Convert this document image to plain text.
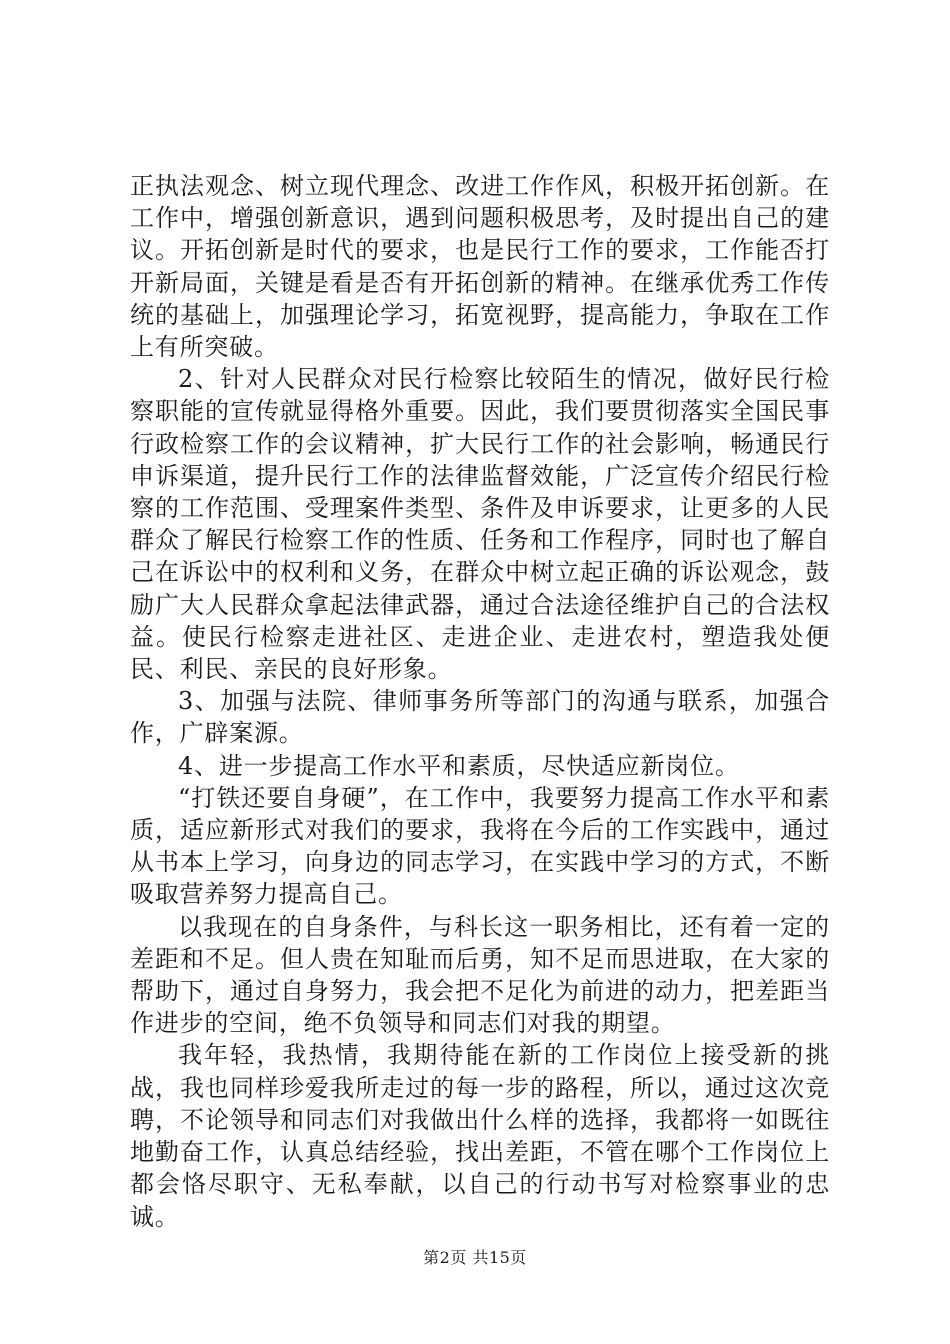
正执法观念、树立现代理念、改进工作作风，积极开拓创新。在工作中，增强创新意识，遇到问题积极思考，及时提出自己的建议。开拓创新是时代的要求，也是民行工作的要求，工作能否打开新局面，关键是看是否有开拓创新的精神。在继承优秀工作传统的基础上，加强理论学习，拓宽视野，提高能力，争取在工作上有所突破。

2、针对人民群众对民行检察比较陌生的情况，做好民行检察职能的宣传就显得格外重要。因此，我们要贯彻落实全国民事行政检察工作的会议精神，扩大民行工作的社会影响，畅通民行申诉渠道，提升民行工作的法律监督效能，广泛宣传介绍民行检察的工作范围、受理案件类型、条件及申诉要求，让更多的人民群众了解民行检察工作的性质、任务和工作程序，同时也了解自己在诉讼中的权利和义务，在群众中树立起正确的诉讼观念，鼓励广大人民群众拿起法律武器，通过合法途径维护自己的合法权益。使民行检察走进社区、走进企业、走进农村，塑造我处便民、利民、亲民的良好形象。

3、加强与法院、律师事务所等部门的沟通与联系，加强合作，广辟案源。

4、进一步提高工作水平和素质，尽快适应新岗位。

“打铁还要自身硬”，在工作中，我要努力提高工作水平和素质，适应新形式对我们的要求，我将在今后的工作实践中，通过从书本上学习，向身边的同志学习，在实践中学习的方式，不断吸取营养努力提高自己。

以我现在的自身条件，与科长这一职务相比，还有着一定的差距和不足。但人贵在知耻而后勇，知不足而思进取，在大家的帮助下，通过自身努力，我会把不足化为前进的动力，把差距当作进步的空间，绝不负领导和同志们对我的期望。

我年轻，我热情，我期待能在新的工作岗位上接受新的挑战，我也同样珍爱我所走过的每一步的路程，所以，通过这次竞聘，不论领导和同志们对我做出什么样的选择，我都将一如既往地勤奋工作，认真总结经验，找出差距，不管在哪个工作岗位上都会恪尽职守、无私奉献，以自己的行动书写对检察事业的忠诚。

第2页 共15页
